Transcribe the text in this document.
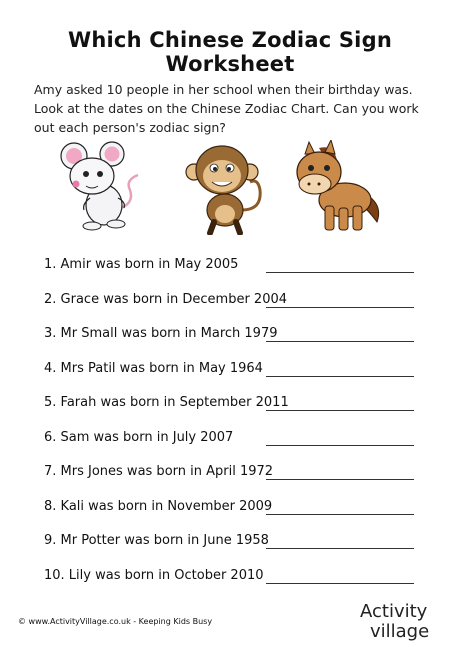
Which Chinese Zodiac Sign Worksheet
Amy asked 10 people in her school when their birthday was. Look at the dates on the Chinese Zodiac Chart. Can you work out each person's zodiac sign?
1. Amir was born in May 2005
2. Grace was born in December 2004
3. Mr Small was born in March 1979
4. Mrs Patil was born in May 1964
5. Farah was born in September 2011
6. Sam was born in July 2007
7. Mrs Jones was born in April 1972
8. Kali was born in November 2009
9. Mr Potter was born in June 1958
10. Lily was born in October 2010
© www.ActivityVillage.co.uk - Keeping Kids Busy	Activity
village
